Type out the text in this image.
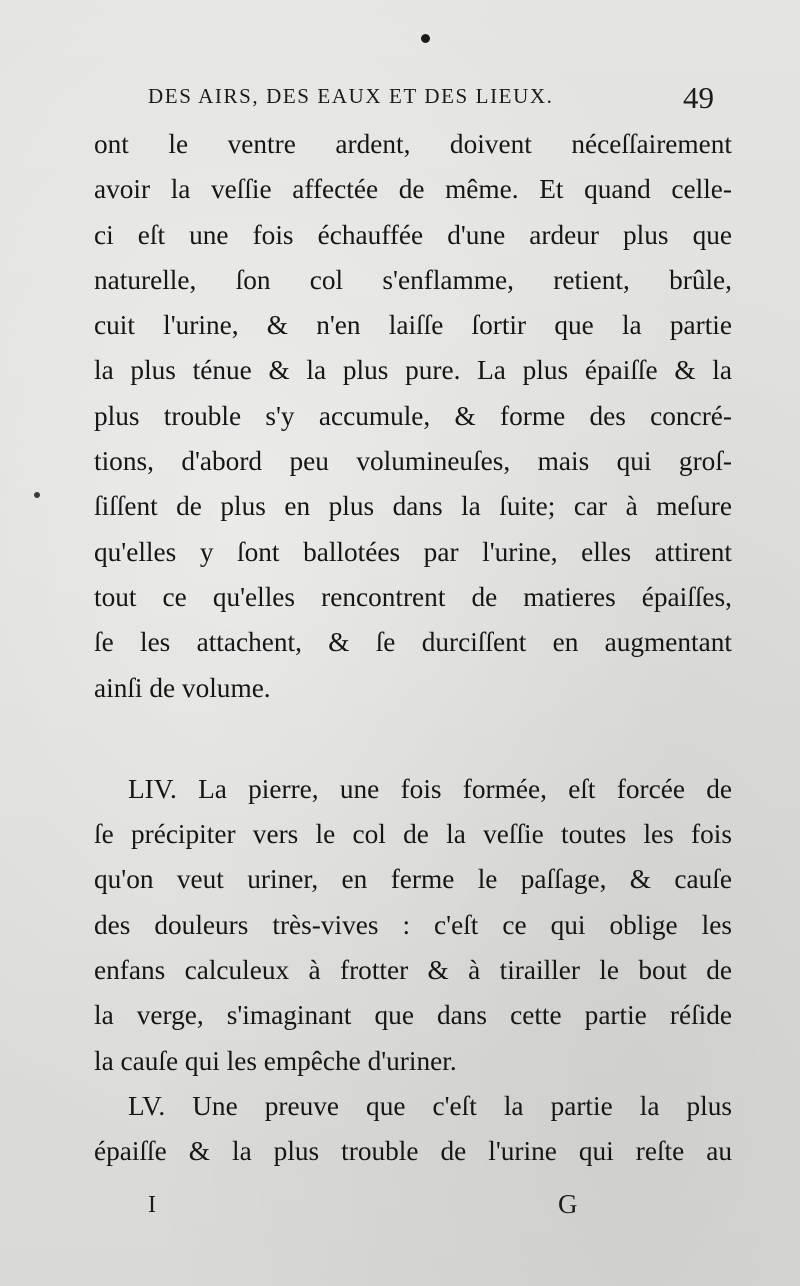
DES AIRS, DES EAUX ET DES LIEUX.	49
ont le ventre ardent, doivent néceſſairement
avoir la veſſie affectée de même. Et quand celle-
ci eſt une fois échauffée d'une ardeur plus que
naturelle, ſon col s'enflamme, retient, brûle,
cuit l'urine, & n'en laiſſe ſortir que la partie
la plus ténue & la plus pure. La plus épaiſſe & la
plus trouble s'y accumule, & forme des concré-
tions, d'abord peu volumineuſes, mais qui groſ-
ſiſſent de plus en plus dans la ſuite; car à meſure
qu'elles y ſont ballotées par l'urine, elles attirent
tout ce qu'elles rencontrent de matieres épaiſſes,
ſe les attachent, & ſe durciſſent en augmentant
ainſi de volume.
LIV. La pierre, une fois formée, eſt forcée de
ſe précipiter vers le col de la veſſie toutes les fois
qu'on veut uriner, en ferme le paſſage, & cauſe
des douleurs très-vives : c'eſt ce qui oblige les
enfans calculeux à frotter & à tirailler le bout de
la verge, s'imaginant que dans cette partie réſide
la cauſe qui les empêche d'uriner.
LV. Une preuve que c'eſt la partie la plus
épaiſſe & la plus trouble de l'urine qui reſte au
I	G
